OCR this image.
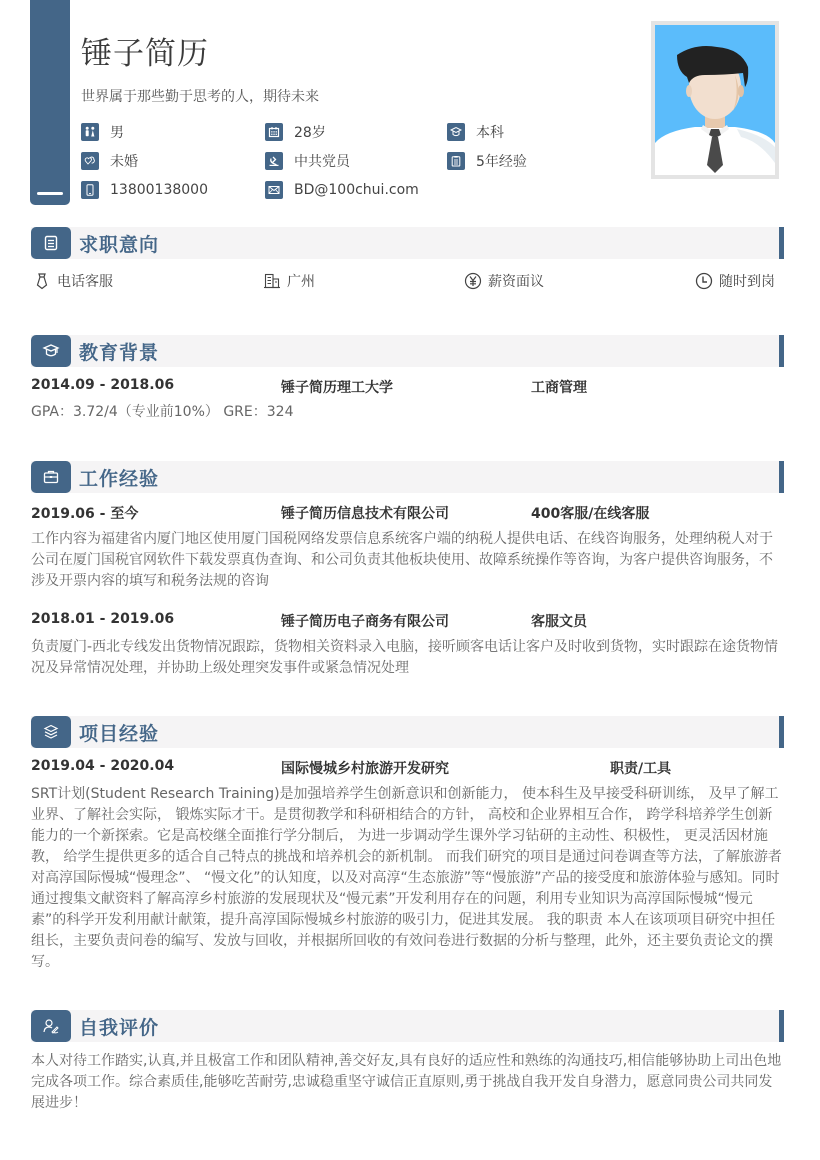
锤子简历
世界属于那些勤于思考的人，期待未来
男	28岁	本科
未婚	中共党员	5年经验
13800138000	BD@100chui.com
求职意向
电话客服	广州	薪资面议	随时到岗
教育背景
2014.09 - 2018.06	锤子简历理工大学	工商管理
GPA：3.72/4（专业前10%） GRE：324
工作经验
2019.06 - 至今	锤子简历信息技术有限公司	400客服/在线客服
工作内容为福建省内厦门地区使用厦门国税网络发票信息系统客户端的纳税人提供电话、在线咨询服务，处理纳税人对于公司在厦门国税官网软件下载发票真伪查询、和公司负责其他板块使用、故障系统操作等咨询，为客户提供咨询服务，不涉及开票内容的填写和税务法规的咨询
2018.01 - 2019.06	锤子简历电子商务有限公司	客服文员
负责厦门-西北专线发出货物情况跟踪，货物相关资料录入电脑，接听顾客电话让客户及时收到货物，实时跟踪在途货物情况及异常情况处理，并协助上级处理突发事件或紧急情况处理
项目经验
2019.04 - 2020.04	国际慢城乡村旅游开发研究	职责/工具
SRT计划(Student Research Training)是加强培养学生创新意识和创新能力， 使本科生及早接受科研训练， 及早了解工业界、了解社会实际， 锻炼实际才干。是贯彻教学和科研相结合的方针， 高校和企业界相互合作， 跨学科培养学生创新能力的一个新探索。它是高校继全面推行学分制后， 为进一步调动学生课外学习钻研的主动性、积极性， 更灵活因材施教， 给学生提供更多的适合自己特点的挑战和培养机会的新机制。 而我们研究的项目是通过问卷调查等方法，了解旅游者对高淳国际慢城“慢理念”、 “慢文化”的认知度，以及对高淳“生态旅游”等“慢旅游”产品的接受度和旅游体验与感知。同时通过搜集文献资料了解高淳乡村旅游的发展现状及“慢元素”开发利用存在的问题，利用专业知识为高淳国际慢城“慢元素”的科学开发利用献计献策，提升高淳国际慢城乡村旅游的吸引力，促进其发展。 我的职责 本人在该项项目研究中担任组长，主要负责问卷的编写、发放与回收，并根据所回收的有效问卷进行数据的分析与整理，此外，还主要负责论文的撰写。
自我评价
本人对待工作踏实,认真,并且极富工作和团队精神,善交好友,具有良好的适应性和熟练的沟通技巧,相信能够协助上司出色地完成各项工作。综合素质佳,能够吃苦耐劳,忠诚稳重坚守诚信正直原则,勇于挑战自我开发自身潜力，愿意同贵公司共同发展进步！
